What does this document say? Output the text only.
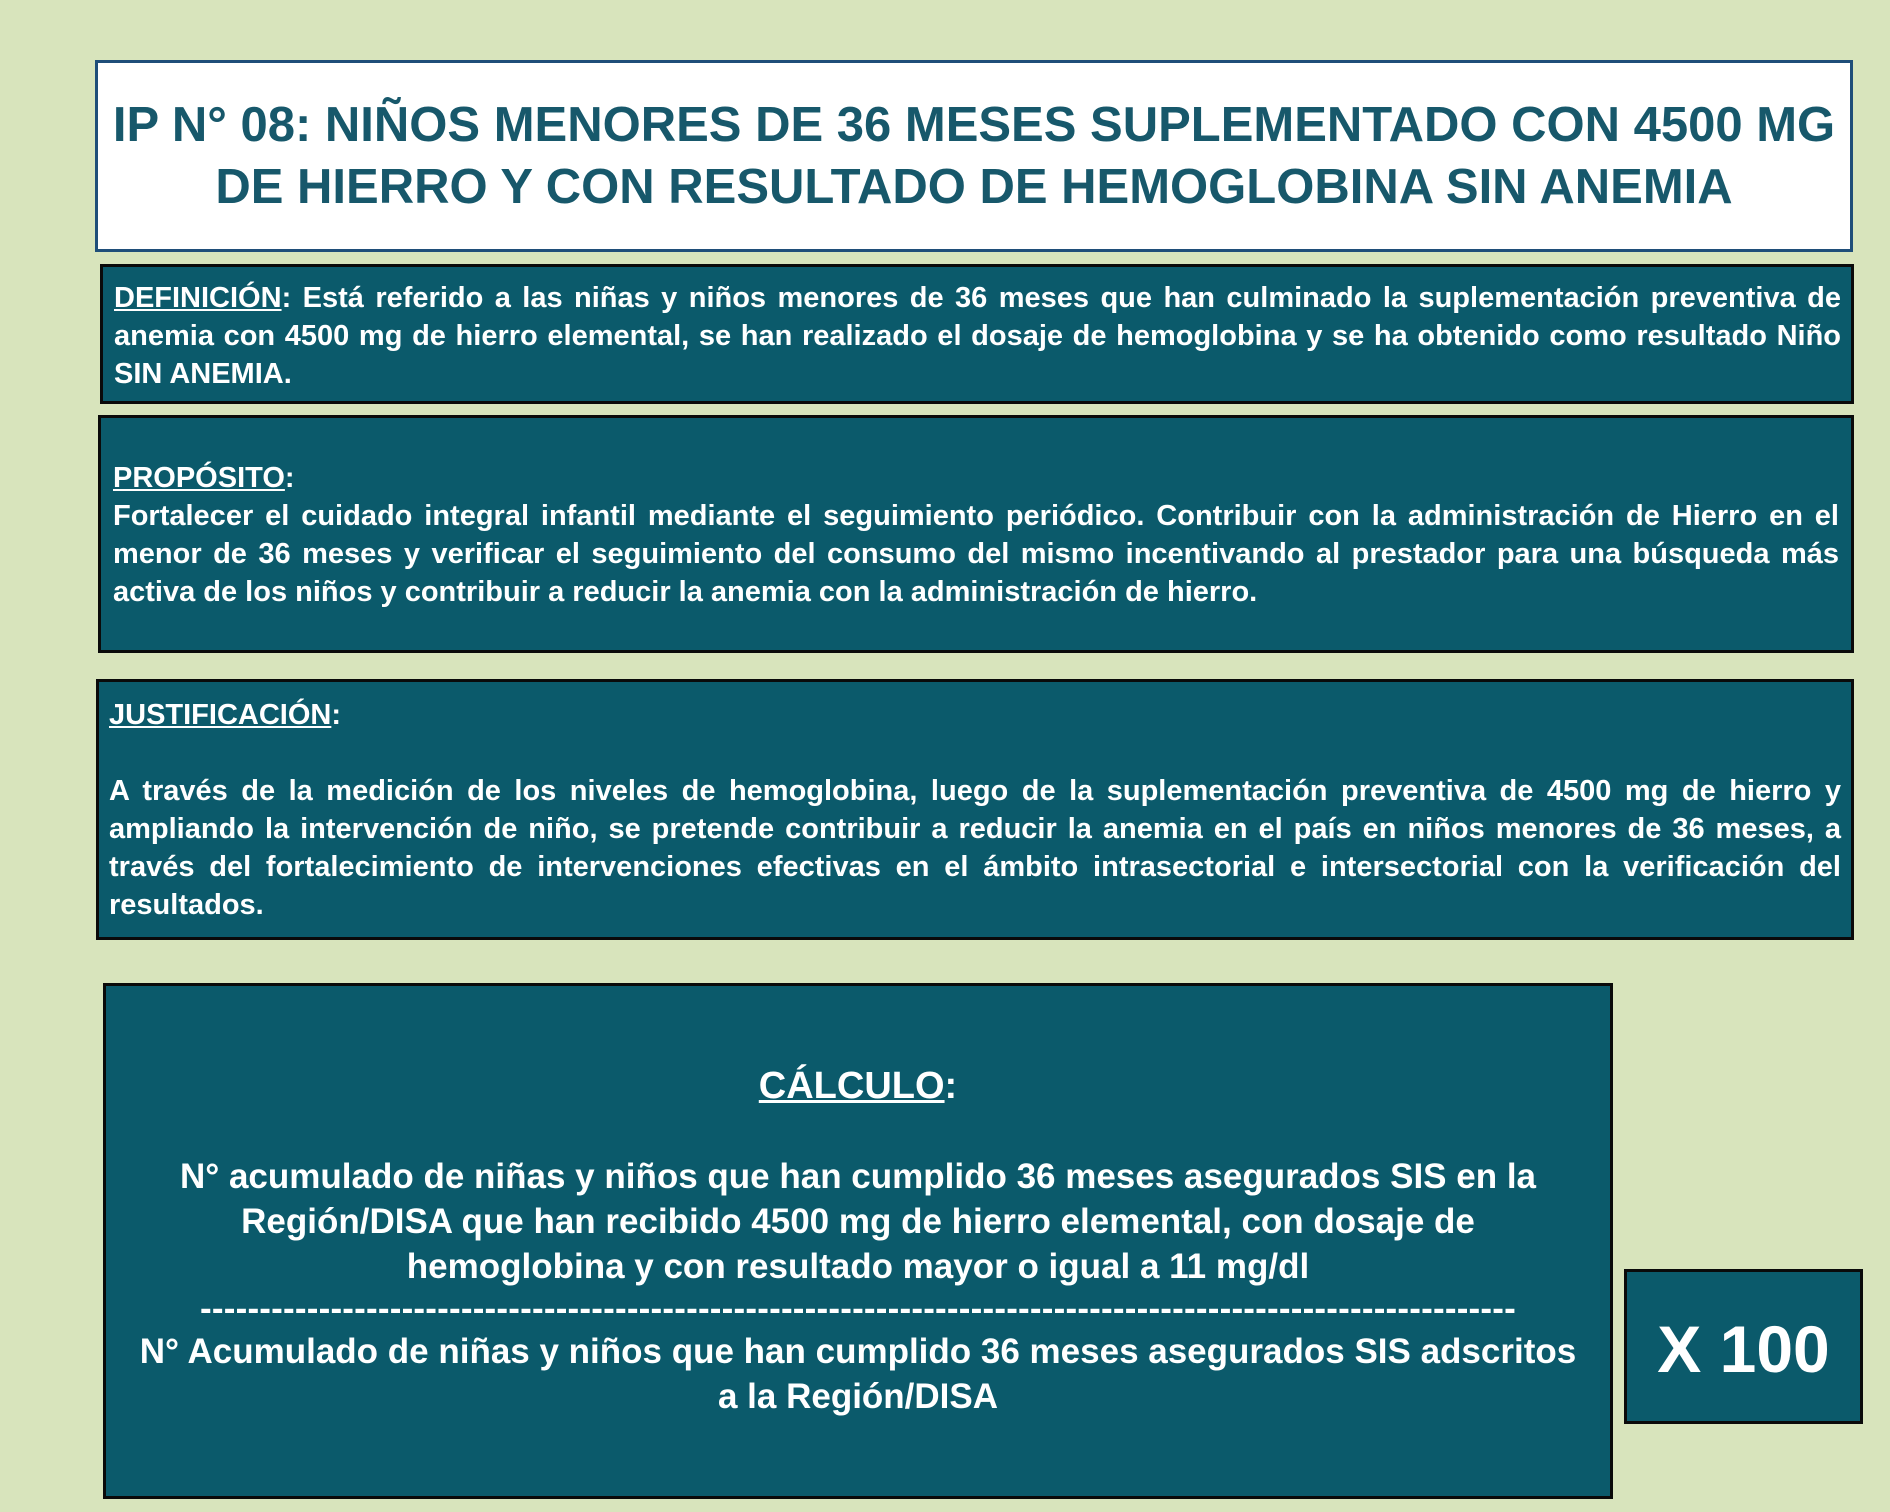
IP N° 08: NIÑOS MENORES DE 36 MESES SUPLEMENTADO CON 4500 MG DE HIERRO Y CON RESULTADO DE HEMOGLOBINA SIN ANEMIA

DEFINICIÓN: Está referido a las niñas y niños menores de 36 meses que han culminado la suplementación preventiva de anemia con 4500 mg de hierro elemental, se han realizado el dosaje de hemoglobina y se ha obtenido como resultado Niño SIN ANEMIA.
PROPÓSITO:
Fortalecer el cuidado integral infantil mediante el seguimiento periódico. Contribuir con la administración de Hierro en el menor de 36 meses y verificar el seguimiento del consumo del mismo incentivando al prestador para una búsqueda más activa de los niños y contribuir a reducir la anemia con la administración de hierro.
JUSTIFICACIÓN:
A través de la medición de los niveles de hemoglobina, luego de la suplementación preventiva de 4500 mg de hierro y ampliando la intervención de niño, se pretende contribuir a reducir la anemia en el país en niños menores de 36 meses, a través del fortalecimiento de intervenciones efectivas en el ámbito intrasectorial e intersectorial con la verificación del resultados.
CÁLCULO:
N° acumulado de niñas y niños que han cumplido 36 meses asegurados SIS en la Región/DISA que han recibido 4500 mg de hierro elemental, con dosaje de hemoglobina y con resultado mayor o igual a 11 mg/dl
---------------------------------------------------------------------------------------------------------------
N° Acumulado de niñas y niños que han cumplido 36 meses asegurados SIS adscritos a la Región/DISA
X 100
